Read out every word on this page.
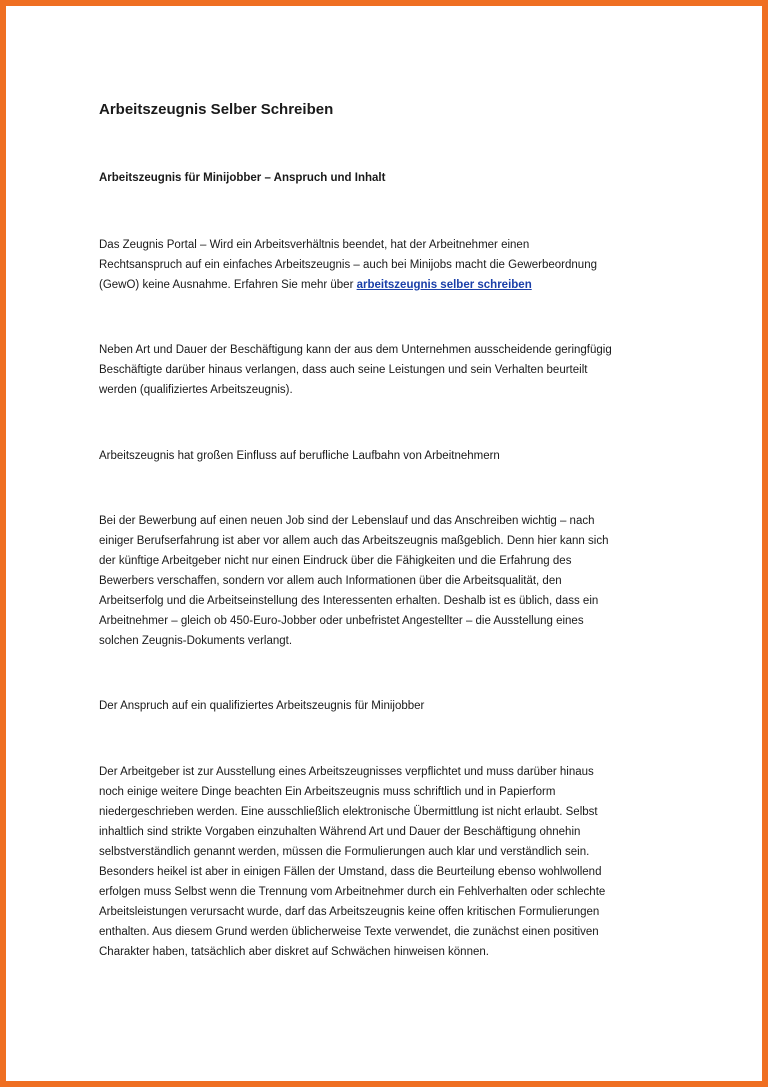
Arbeitszeugnis Selber Schreiben
Arbeitszeugnis für Minijobber – Anspruch und Inhalt

Das Zeugnis Portal – Wird ein Arbeitsverhältnis beendet, hat der Arbeitnehmer einen
Rechtsanspruch auf ein einfaches Arbeitszeugnis – auch bei Minijobs macht die Gewerbeordnung
(GewO) keine Ausnahme. Erfahren Sie mehr über arbeitszeugnis selber schreiben

Neben Art und Dauer der Beschäftigung kann der aus dem Unternehmen ausscheidende geringfügig
Beschäftigte darüber hinaus verlangen, dass auch seine Leistungen und sein Verhalten beurteilt
werden (qualifiziertes Arbeitszeugnis).

Arbeitszeugnis hat großen Einfluss auf berufliche Laufbahn von Arbeitnehmern

Bei der Bewerbung auf einen neuen Job sind der Lebenslauf und das Anschreiben wichtig – nach
einiger Berufserfahrung ist aber vor allem auch das Arbeitszeugnis maßgeblich. Denn hier kann sich
der künftige Arbeitgeber nicht nur einen Eindruck über die Fähigkeiten und die Erfahrung des
Bewerbers verschaffen, sondern vor allem auch Informationen über die Arbeitsqualität, den
Arbeitserfolg und die Arbeitseinstellung des Interessenten erhalten. Deshalb ist es üblich, dass ein
Arbeitnehmer – gleich ob 450-Euro-Jobber oder unbefristet Angestellter – die Ausstellung eines
solchen Zeugnis-Dokuments verlangt.

Der Anspruch auf ein qualifiziertes Arbeitszeugnis für Minijobber

Der Arbeitgeber ist zur Ausstellung eines Arbeitszeugnisses verpflichtet und muss darüber hinaus
noch einige weitere Dinge beachten Ein Arbeitszeugnis muss schriftlich und in Papierform
niedergeschrieben werden. Eine ausschließlich elektronische Übermittlung ist nicht erlaubt. Selbst
inhaltlich sind strikte Vorgaben einzuhalten Während Art und Dauer der Beschäftigung ohnehin
selbstverständlich genannt werden, müssen die Formulierungen auch klar und verständlich sein.
Besonders heikel ist aber in einigen Fällen der Umstand, dass die Beurteilung ebenso wohlwollend
erfolgen muss Selbst wenn die Trennung vom Arbeitnehmer durch ein Fehlverhalten oder schlechte
Arbeitsleistungen verursacht wurde, darf das Arbeitszeugnis keine offen kritischen Formulierungen
enthalten. Aus diesem Grund werden üblicherweise Texte verwendet, die zunächst einen positiven
Charakter haben, tatsächlich aber diskret auf Schwächen hinweisen können.
